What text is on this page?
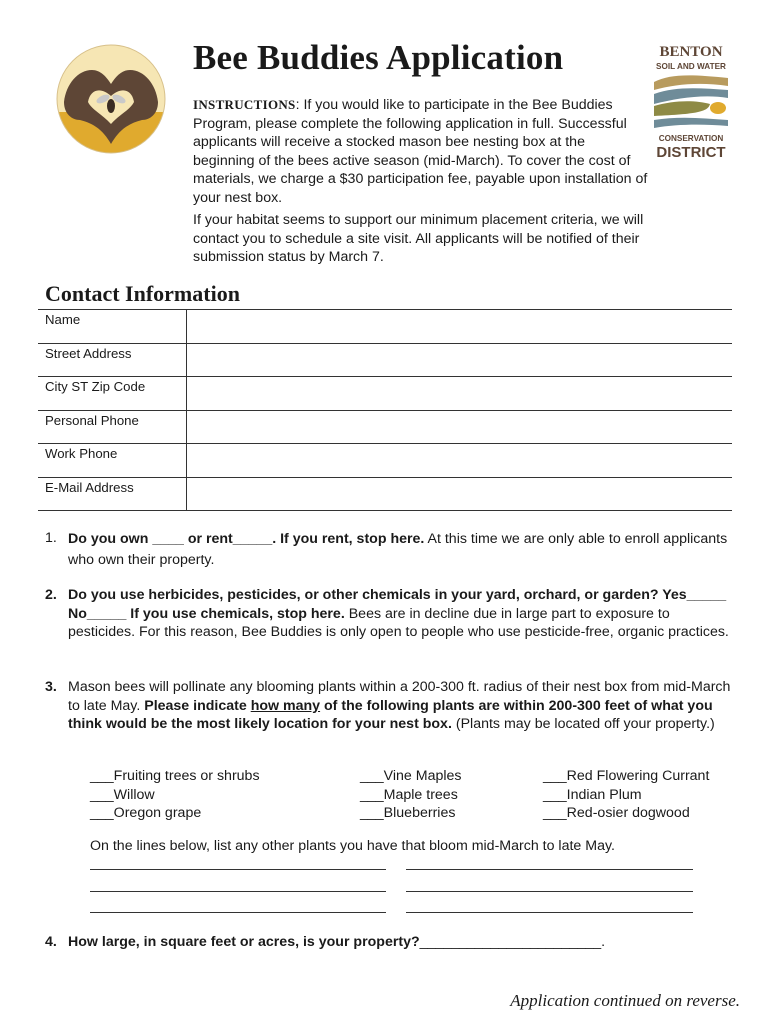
Bee Buddies Application
INSTRUCTIONS: If you would like to participate in the Bee Buddies Program, please complete the following application in full. Successful applicants will receive a stocked mason bee nesting box at the beginning of the bees active season (mid-March). To cover the cost of materials, we charge a $30 participation fee, payable upon installation of your nest box.
If your habitat seems to support our minimum placement criteria, we will contact you to schedule a site visit. All applicants will be notified of their submission status by March 7.
BENTON
SOIL AND WATER
CONSERVATION
DISTRICT
Contact Information
Name
Street Address
City ST Zip Code
Personal Phone
Work Phone
E-Mail Address
1. Do you own ____ or rent_____. If you rent, stop here. At this time we are only able to enroll applicants who own their property.
2. Do you use herbicides, pesticides, or other chemicals in your yard, orchard, or garden? Yes_____ No_____ If you use chemicals, stop here. Bees are in decline due in large part to exposure to pesticides. For this reason, Bee Buddies is only open to people who use pesticide-free, organic practices.
3. Mason bees will pollinate any blooming plants within a 200-300 ft. radius of their nest box from mid-March to late May. Please indicate how many of the following plants are within 200-300 feet of what you think would be the most likely location for your nest box. (Plants may be located off your property.)
___Fruiting trees or shrubs
___Willow
___Oregon grape
___Vine Maples
___Maple trees
___Blueberries
___Red Flowering Currant
___Indian Plum
___Red-osier dogwood
On the lines below, list any other plants you have that bloom mid-March to late May.
4. How large, in square feet or acres, is your property?_______________________.
Application continued on reverse.
